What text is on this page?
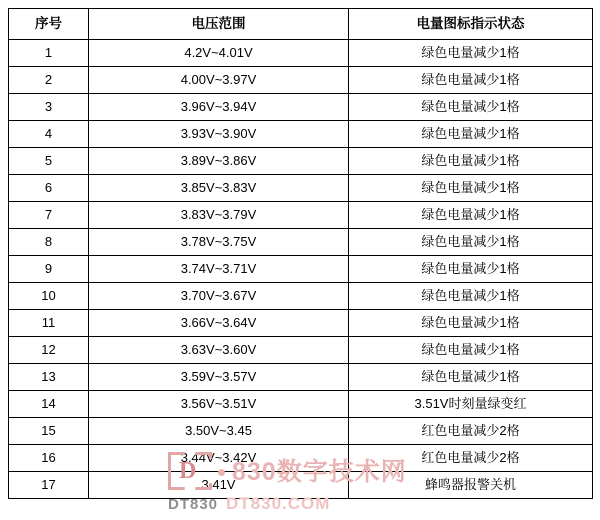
序号	电压范围	电量图标指示状态
1	4.2V~4.01V	绿色电量减少1格
2	4.00V~3.97V	绿色电量减少1格
3	3.96V~3.94V	绿色电量减少1格
4	3.93V~3.90V	绿色电量减少1格
5	3.89V~3.86V	绿色电量减少1格
6	3.85V~3.83V	绿色电量减少1格
7	3.83V~3.79V	绿色电量减少1格
8	3.78V~3.75V	绿色电量减少1格
9	3.74V~3.71V	绿色电量减少1格
10	3.70V~3.67V	绿色电量减少1格
11	3.66V~3.64V	绿色电量减少1格
12	3.63V~3.60V	绿色电量减少1格
13	3.59V~3.57V	绿色电量减少1格
14	3.56V~3.51V	3.51V时刻量绿变红
15	3.50V~3.45	红色电量减少2格
16	3.44V~3.42V	红色电量减少2格
17	3.41V	蜂鸣器报警关机
D 830数字技术网
DT830 DT830.COM
